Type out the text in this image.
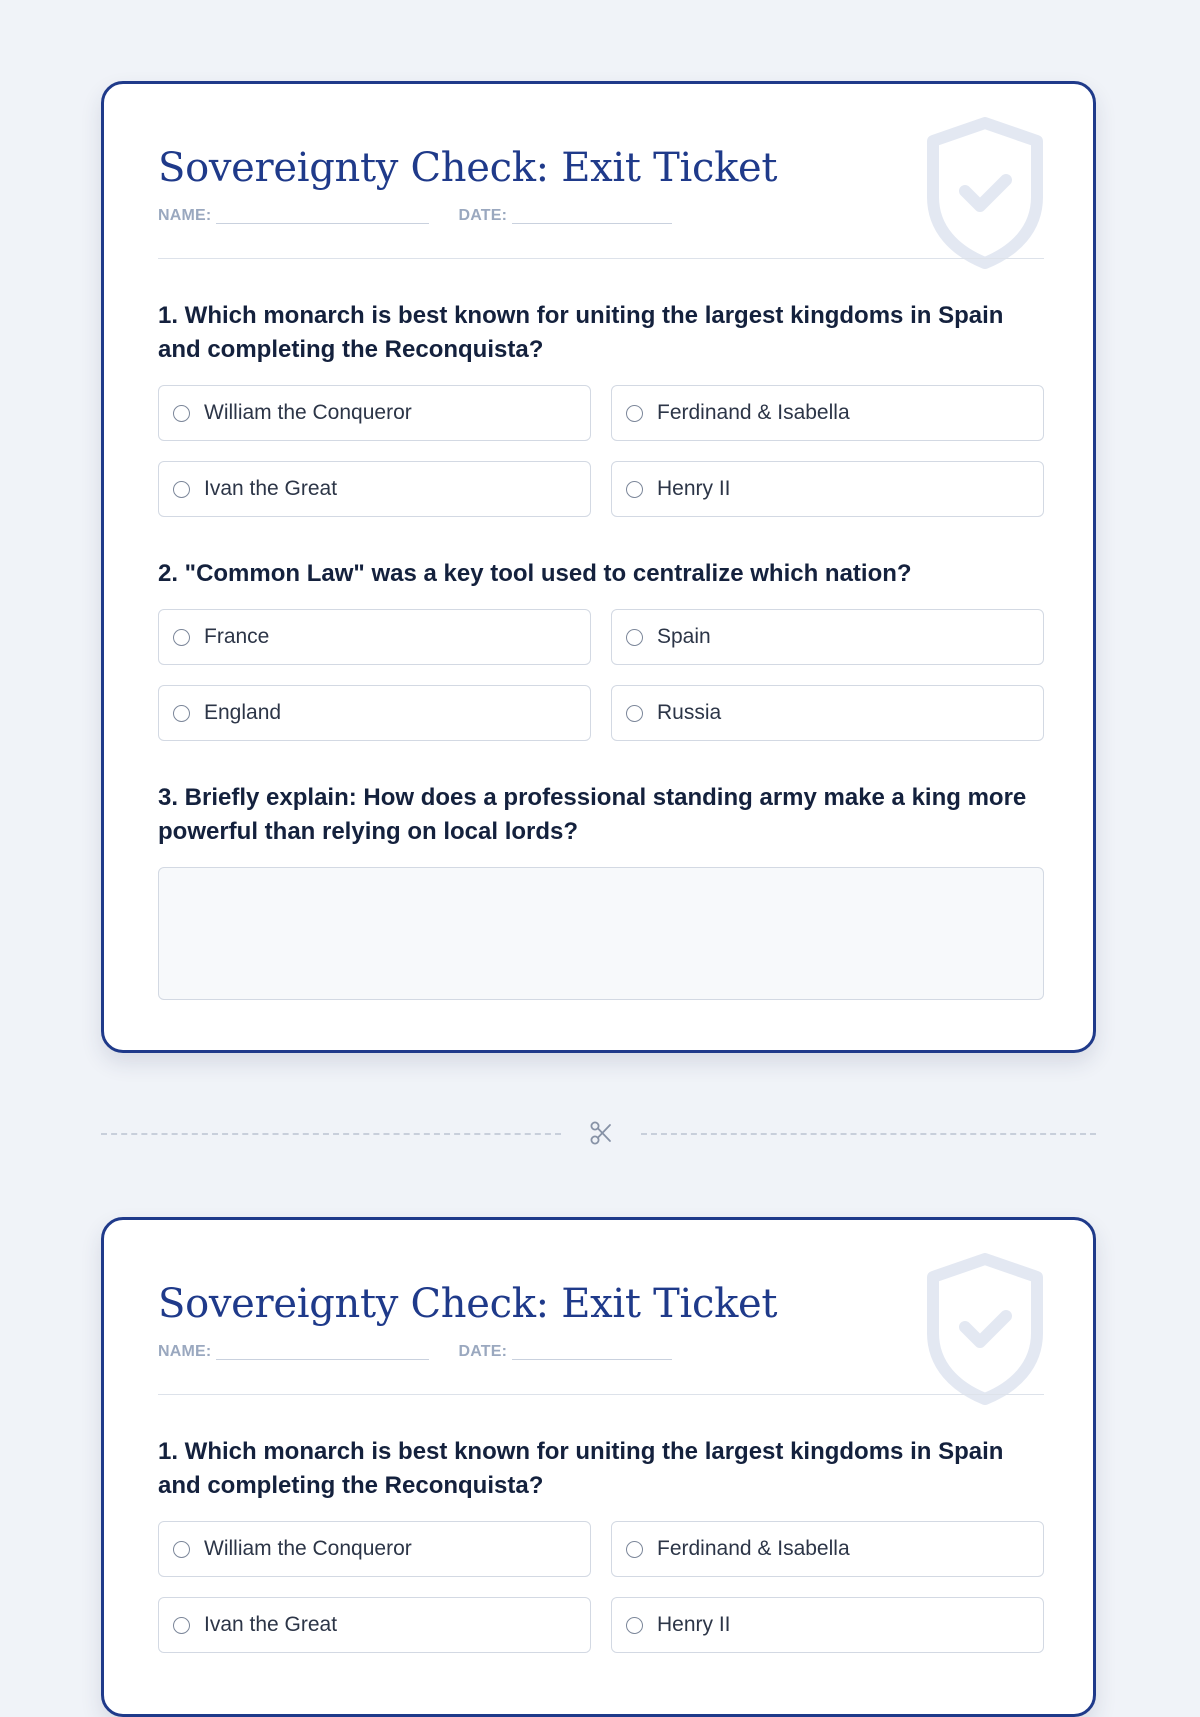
Sovereignty Check: Exit Ticket
NAME:	DATE:

1. Which monarch is best known for uniting the largest kingdoms in Spain and completing the Reconquista?

William the Conqueror	Ferdinand & Isabella
Ivan the Great	Henry II

2. "Common Law" was a key tool used to centralize which nation?

France	Spain
England	Russia

3. Briefly explain: How does a professional standing army make a king more powerful than relying on local lords?

Sovereignty Check: Exit Ticket
NAME:	DATE:

1. Which monarch is best known for uniting the largest kingdoms in Spain and completing the Reconquista?

William the Conqueror	Ferdinand & Isabella
Ivan the Great	Henry II
